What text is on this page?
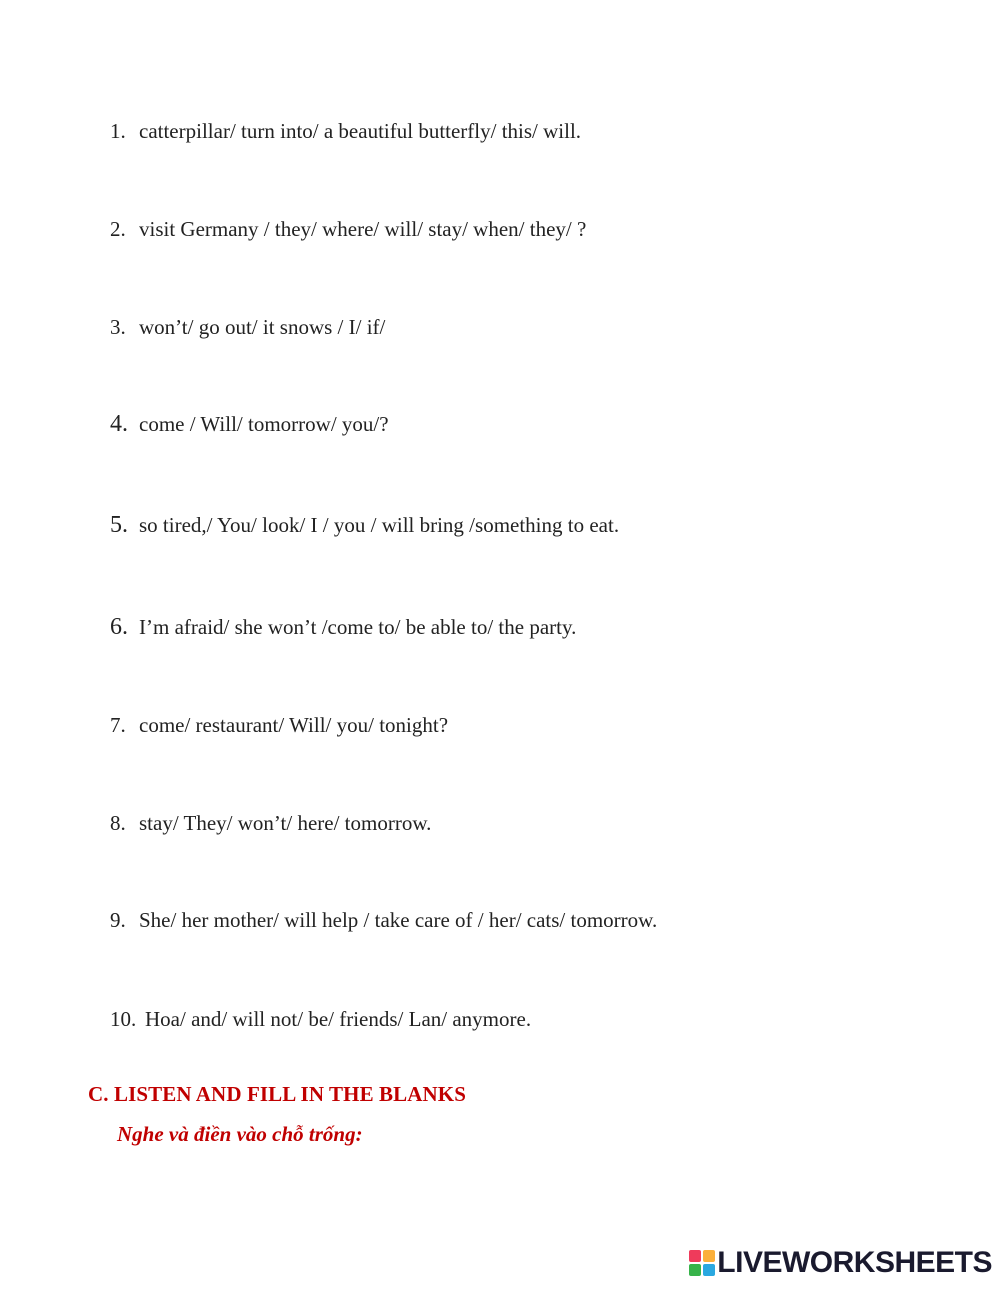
1. catterpillar/ turn into/ a beautiful butterfly/ this/ will.
2. visit Germany / they/ where/ will/ stay/ when/ they/ ?
3. won’t/ go out/ it snows / I/ if/
4. come / Will/ tomorrow/ you/?
5. so tired,/ You/ look/ I / you / will bring /something to eat.
6. I’m afraid/ she won’t /come to/ be able to/ the party.
7. come/ restaurant/ Will/ you/ tonight?
8. stay/ They/ won’t/ here/ tomorrow.
9. She/ her mother/ will help / take care of / her/ cats/ tomorrow.
10. Hoa/ and/ will not/ be/ friends/ Lan/ anymore.
C. LISTEN AND FILL IN THE BLANKS
Nghe và điền vào chỗ trống:
LIVEWORKSHEETS
